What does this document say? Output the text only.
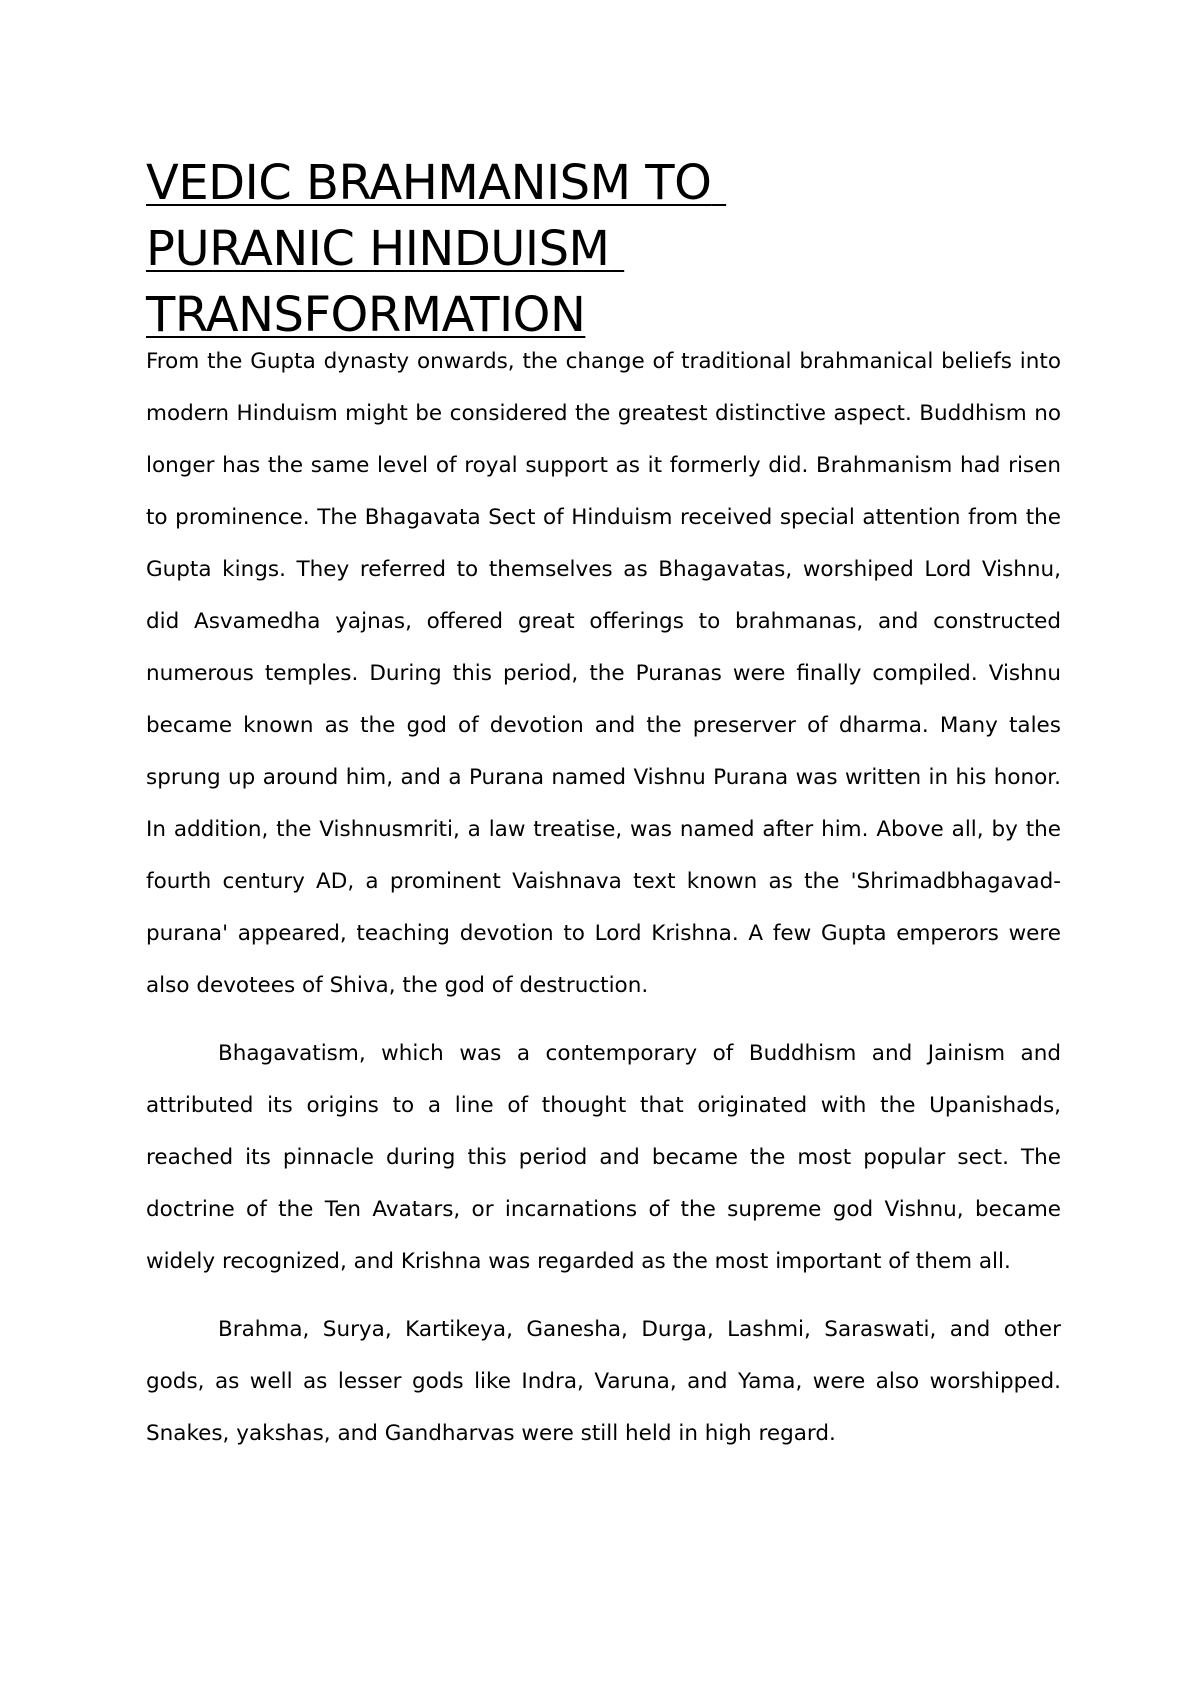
VEDIC BRAHMANISM TO PURANIC HINDUISM TRANSFORMATION

From the Gupta dynasty onwards, the change of traditional brahmanical beliefs into modern Hinduism might be considered the greatest distinctive aspect. Buddhism no longer has the same level of royal support as it formerly did. Brahmanism had risen to prominence. The Bhagavata Sect of Hinduism received special attention from the Gupta kings. They referred to themselves as Bhagavatas, worshiped Lord Vishnu, did Asvamedha yajnas, offered great offerings to brahmanas, and constructed numerous temples. During this period, the Puranas were finally compiled. Vishnu became known as the god of devotion and the preserver of dharma. Many tales sprung up around him, and a Purana named Vishnu Purana was written in his honor. In addition, the Vishnusmriti, a law treatise, was named after him. Above all, by the fourth century AD, a prominent Vaishnava text known as the 'Shrimadbhagavad-purana' appeared, teaching devotion to Lord Krishna. A few Gupta emperors were also devotees of Shiva, the god of destruction.

Bhagavatism, which was a contemporary of Buddhism and Jainism and attributed its origins to a line of thought that originated with the Upanishads, reached its pinnacle during this period and became the most popular sect. The doctrine of the Ten Avatars, or incarnations of the supreme god Vishnu, became widely recognized, and Krishna was regarded as the most important of them all.

Brahma, Surya, Kartikeya, Ganesha, Durga, Lashmi, Saraswati, and other gods, as well as lesser gods like Indra, Varuna, and Yama, were also worshipped. Snakes, yakshas, and Gandharvas were still held in high regard.
